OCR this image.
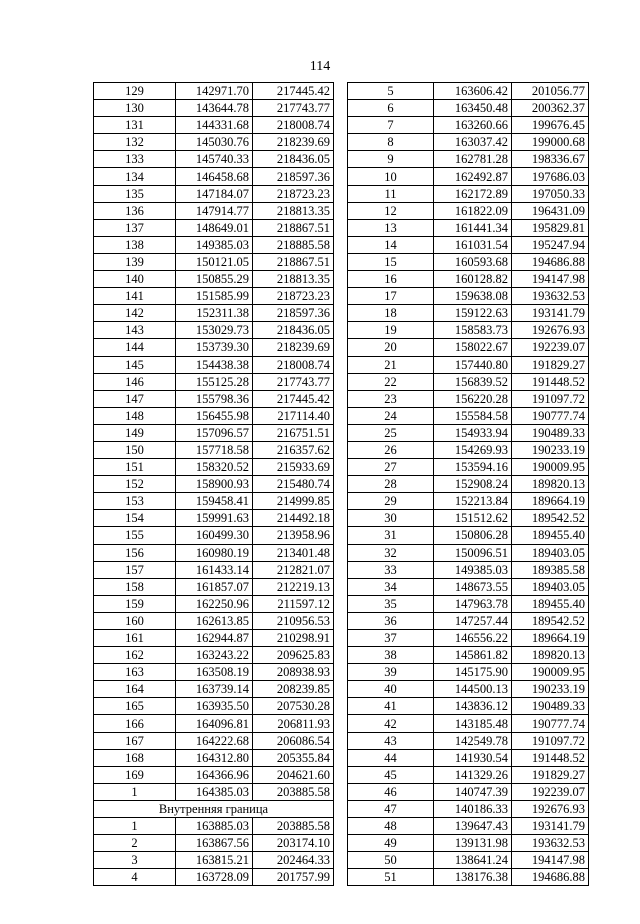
114
129	142971.70	217445.42
130	143644.78	217743.77
131	144331.68	218008.74
132	145030.76	218239.69
133	145740.33	218436.05
134	146458.68	218597.36
135	147184.07	218723.23
136	147914.77	218813.35
137	148649.01	218867.51
138	149385.03	218885.58
139	150121.05	218867.51
140	150855.29	218813.35
141	151585.99	218723.23
142	152311.38	218597.36
143	153029.73	218436.05
144	153739.30	218239.69
145	154438.38	218008.74
146	155125.28	217743.77
147	155798.36	217445.42
148	156455.98	217114.40
149	157096.57	216751.51
150	157718.58	216357.62
151	158320.52	215933.69
152	158900.93	215480.74
153	159458.41	214999.85
154	159991.63	214492.18
155	160499.30	213958.96
156	160980.19	213401.48
157	161433.14	212821.07
158	161857.07	212219.13
159	162250.96	211597.12
160	162613.85	210956.53
161	162944.87	210298.91
162	163243.22	209625.83
163	163508.19	208938.93
164	163739.14	208239.85
165	163935.50	207530.28
166	164096.81	206811.93
167	164222.68	206086.54
168	164312.80	205355.84
169	164366.96	204621.60
1	164385.03	203885.58
Внутренняя граница		
1	163885.03	203885.58
2	163867.56	203174.10
3	163815.21	202464.33
4	163728.09	201757.99
5	163606.42	201056.77
6	163450.48	200362.37
7	163260.66	199676.45
8	163037.42	199000.68
9	162781.28	198336.67
10	162492.87	197686.03
11	162172.89	197050.33
12	161822.09	196431.09
13	161441.34	195829.81
14	161031.54	195247.94
15	160593.68	194686.88
16	160128.82	194147.98
17	159638.08	193632.53
18	159122.63	193141.79
19	158583.73	192676.93
20	158022.67	192239.07
21	157440.80	191829.27
22	156839.52	191448.52
23	156220.28	191097.72
24	155584.58	190777.74
25	154933.94	190489.33
26	154269.93	190233.19
27	153594.16	190009.95
28	152908.24	189820.13
29	152213.84	189664.19
30	151512.62	189542.52
31	150806.28	189455.40
32	150096.51	189403.05
33	149385.03	189385.58
34	148673.55	189403.05
35	147963.78	189455.40
36	147257.44	189542.52
37	146556.22	189664.19
38	145861.82	189820.13
39	145175.90	190009.95
40	144500.13	190233.19
41	143836.12	190489.33
42	143185.48	190777.74
43	142549.78	191097.72
44	141930.54	191448.52
45	141329.26	191829.27
46	140747.39	192239.07
47	140186.33	192676.93
48	139647.43	193141.79
49	139131.98	193632.53
50	138641.24	194147.98
51	138176.38	194686.88
